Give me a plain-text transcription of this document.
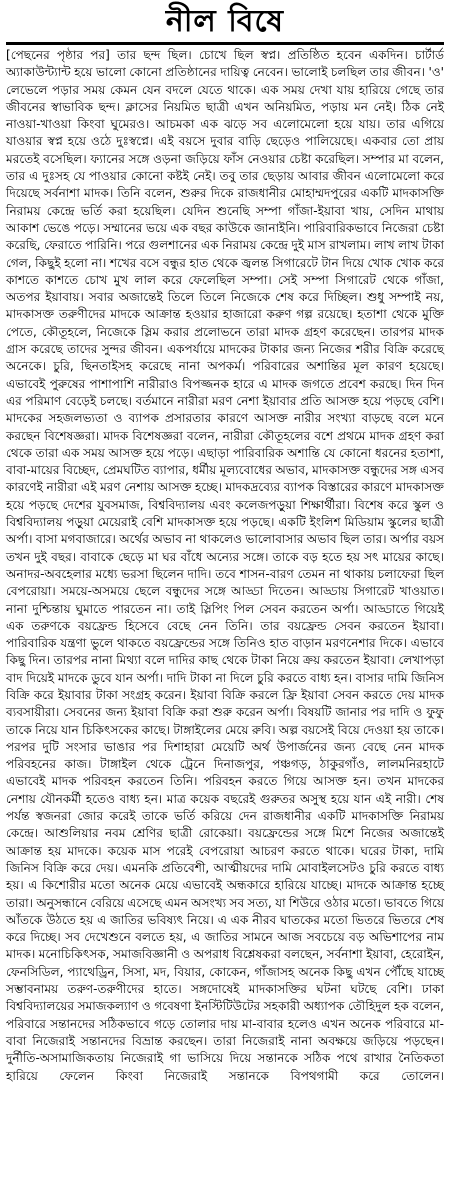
নীল বিষে

[পেছনের পৃষ্ঠার পর] তার ছন্দ ছিল। চোখে ছিল স্বপ্ন। প্রতিষ্ঠিত হবেন একদিন। চার্টার্ড অ্যাকাউন্ট্যান্ট হয়ে ভালো কোনো প্রতিষ্ঠানের দায়িত্ব নেবেন। ভালোই চলছিল তার জীবন। 'ও' লেভেলে পড়ার সময় কেমন যেন বদলে যেতে থাকে। এক সময় দেখা যায় হারিয়ে গেছে তার জীবনের স্বাভাবিক ছন্দ। ক্লাসের নিয়মিত ছাত্রী এখন অনিয়মিত, পড়ায় মন নেই। ঠিক নেই নাওয়া-খাওয়া কিংবা ঘুমেরও। আচমকা এক ঝড়ে সব এলোমেলো হয়ে যায়। তার এগিয়ে যাওয়ার স্বপ্ন হয়ে ওঠে দুঃস্বপ্নে। এই বয়সে দুবার বাড়ি ছেড়েও পালিয়েছে। একবার তো প্রায় মরতেই বসেছিল। ফ্যানের সঙ্গে ওড়না জড়িয়ে ফাঁস নেওয়ার চেষ্টা করেছিল। সম্পার মা বলেন, তার এ দুঃসহ যে পাওয়ার কোনো কষ্টই নেই। তবু তার ছেড়ায় আবার জীবন এলোমেলো করে দিয়েছে সর্বনাশা মাদক। তিনি বলেন, শুরুর দিকে রাজধানীর মোহাম্মদপুরের একটি মাদকাসক্তি নিরাময় কেন্দ্রে ভর্তি করা হয়েছিল। যেদিন শুনেছি সম্পা গাঁজা-ইয়াবা খায়, সেদিন মাথায় আকাশ ভেঙে পড়ে। সম্মানের ভয়ে এক বছর কাউকে জানাইনি। পারিবারিকভাবে নিজেরা চেষ্টা করেছি, ফেরাতে পারিনি। পরে গুলশানের এক নিরাময় কেন্দ্রে দুই মাস রাখলাম। লাখ লাখ টাকা গেল, কিছুই হলো না। শখের বসে বন্ধুর হাত থেকে জ্বলন্ত সিগারেটে টান দিয়ে খোক খোক করে কাশতে কাশতে চোখ মুখ লাল করে ফেলেছিল সম্পা। সেই সম্পা সিগারেট থেকে গাঁজা, অতপর ইয়াবায়। সবার অজান্তেই তিলে তিলে নিজেকে শেষ করে দিচ্ছিল। শুধু সম্পাই নয়, মাদকাসক্ত তরুণীদের মাদকে আক্রান্ত হওয়ার হাজারো করুণ গল্প রয়েছে। হতাশা থেকে মুক্তি পেতে, কৌতূহলে, নিজেকে স্লিম করার প্রলোভনে তারা মাদক গ্রহণ করেছেন। তারপর মাদক গ্রাস করেছে তাদের সুন্দর জীবন। একপর্যায়ে মাদকের টাকার জন্য নিজের শরীর বিক্রি করেছে অনেকে। চুরি, ছিনতাইসহ করেছে নানা অপকর্ম। পরিবারের অশান্তির মূল কারণ হয়েছে। এভাবেই পুরুষের পাশাপাশি নারীরাও বিপজ্জনক হারে এ মাদক জগতে প্রবেশ করছে। দিন দিন এর পরিমাণ বেড়েই চলছে। বর্তমানে নারীরা মরণ নেশা ইয়াবার প্রতি আসক্ত হয়ে পড়ছে বেশি। মাদকের সহজলভ্যতা ও ব্যাপক প্রসারতার কারণে আসক্ত নারীর সংখ্যা বাড়ছে বলে মনে করছেন বিশেষজ্ঞরা। মাদক বিশেষজ্ঞরা বলেন, নারীরা কৌতূহলের বশে প্রথমে মাদক গ্রহণ করা থেকে তারা এক সময় আসক্ত হয়ে পড়ে। এছাড়া পারিবারিক অশান্তি যে কোনো ধরনের হতাশা, বাবা-মায়ের বিচ্ছেদ, প্রেমঘটিত ব্যাপার, ধর্মীয় মূল্যবোধের অভাব, মাদকাসক্ত বন্ধুদের সঙ্গ এসব কারণেই নারীরা এই মরণ নেশায় আসক্ত হচ্ছে। মাদকদ্রব্যের ব্যাপক বিস্তারের কারণে মাদকাসক্ত হয়ে পড়ছে দেশের যুবসমাজ, বিশ্ববিদ্যালয় এবং কলেজপড়ুয়া শিক্ষার্থীরা। বিশেষ করে স্কুল ও বিশ্ববিদ্যালয় পড়ুয়া মেয়েরাই বেশি মাদকাসক্ত হয়ে পড়ছে। একটি ইংলিশ মিডিয়াম স্কুলের ছাত্রী অর্পা। বাসা মগবাজারে। অর্থের অভাব না থাকলেও ভালোবাসার অভাব ছিল তার। অর্পার বয়স তখন দুই বছর। বাবাকে ছেড়ে মা ঘর বাঁধে অন্যের সঙ্গে। তাকে বড় হতে হয় সৎ মায়ের কাছে। অনাদর-অবহেলার মধ্যে ভরসা ছিলেন দাদি। তবে শাসন-বারণ তেমন না থাকায় চলাফেরা ছিল বেপরোয়া। সময়ে-অসময়ে ছেলে বন্ধুদের সঙ্গে আড্ডা দিতেন। আড্ডায় সিগারেট খাওয়াত। নানা দুশ্চিন্তায় ঘুমাতে পারতেন না। তাই স্লিপিং পিল সেবন করতেন অর্পা। আড্ডাতে গিয়েই এক তরুণকে বয়ফ্রেন্ড হিসেবে বেছে নেন তিনি। তার বয়ফ্রেন্ড সেবন করতেন ইয়াবা। পারিবারিক যন্ত্রণা ভুলে থাকতে বয়ফ্রেন্ডের সঙ্গে তিনিও হাত বাড়ান মরণনেশার দিকে। এভাবে কিছু দিন। তারপর নানা মিথ্যা বলে দাদির কাছ থেকে টাকা নিয়ে ক্রয় করতেন ইয়াবা। লেখাপড়া বাদ দিয়েই মাদকে ডুবে যান অর্পা। দাদি টাকা না দিলে চুরি করতে বাধ্য হন। বাসার দামি জিনিস বিক্রি করে ইয়াবার টাকা সংগ্রহ করেন। ইয়াবা বিক্রি করলে ফ্রি ইয়াবা সেবন করতে দেয় মাদক ব্যবসায়ীরা। সেবনের জন্য ইয়াবা বিক্রি করা শুরু করেন অর্পা। বিষয়টি জানার পর দাদি ও ফুফু তাকে নিয়ে যান চিকিৎসকের কাছে। টাঙ্গাইলের মেয়ে রুবি। অল্প বয়সেই বিয়ে দেওয়া হয় তাকে। পরপর দুটি সংসার ভাঙার পর দিশাহারা মেয়েটি অর্থ উপার্জনের জন্য বেছে নেন মাদক পরিবহনের কাজ। টাঙ্গাইল থেকে ট্রেনে দিনাজপুর, পঞ্চগড়, ঠাকুরগাঁও, লালমনিরহাটে এভাবেই মাদক পরিবহন করতেন তিনি। পরিবহন করতে গিয়ে আসক্ত হন। তখন মাদকের নেশায় যৌনকর্মী হতেও বাধ্য হন। মাত্র কয়েক বছরেই গুরুতর অসুস্থ হয়ে যান এই নারী। শেষ পর্যন্ত স্বজনরা জোর করেই তাকে ভর্তি করিয়ে দেন রাজধানীর একটি মাদকাসক্তি নিরাময় কেন্দ্রে। আশুলিয়ার নবম শ্রেণির ছাত্রী রোকেয়া। বয়ফ্রেন্ডের সঙ্গে মিশে নিজের অজান্তেই আক্রান্ত হয় মাদকে। কয়েক মাস পরেই বেপরোয়া আচরণ করতে থাকে। ঘরের টাকা, দামি জিনিস বিক্রি করে দেয়। এমনকি প্রতিবেশী, আত্মীয়দের দামি মোবাইলসেটও চুরি করতে বাধ্য হয়। এ কিশোরীর মতো অনেক মেয়ে এভাবেই অন্ধকারে হারিয়ে যাচ্ছে। মাদকে আক্রান্ত হচ্ছে তারা। অনুসন্ধানে বেরিয়ে এসেছে এমন অসংখ্য সব সত্য, যা শিউরে ওঠার মতো। ভাবতে গিয়ে আঁতকে উঠতে হয় এ জাতির ভবিষ্যৎ নিয়ে। এ এক নীরব ঘাতকের মতো ভিতরে ভিতরে শেষ করে দিচ্ছে। সব দেখেশুনে বলতে হয়, এ জাতির সামনে আজ সবচেয়ে বড় অভিশাপের নাম মাদক। মনোচিকিৎসক, সমাজবিজ্ঞানী ও অপরাধ বিশ্লেষকরা বলছেন, সর্বনাশা ইয়াবা, হেরোইন, ফেনসিডিল, প্যাথেড্রিন, সিসা, মদ, বিয়ার, কোকেন, গাঁজাসহ অনেক কিছু এখন পৌঁছে যাচ্ছে সম্ভাবনাময় তরুণ-তরুণীদের হাতে। সঙ্গদোষেই মাদকাসক্তির ঘটনা ঘটছে বেশি। ঢাকা বিশ্ববিদ্যালয়ের সমাজকল্যাণ ও গবেষণা ইনস্টিটিউটের সহকারী অধ্যাপক তৌহিদুল হক বলেন, পরিবারে সন্তানদের সঠিকভাবে গড়ে তোলার দায় মা-বাবার হলেও এখন অনেক পরিবারে মা-বাবা নিজেরাই সন্তানদের বিভ্রান্ত করছেন। তারা নিজেরাই নানা অবক্ষয়ে জড়িয়ে পড়ছেন। দুর্নীতি-অসামাজিকতায় নিজেরাই গা ভাসিয়ে দিয়ে সন্তানকে সঠিক পথে রাখার নৈতিকতা হারিয়ে ফেলেন কিংবা নিজেরাই সন্তানকে বিপথগামী করে তোলেন।
